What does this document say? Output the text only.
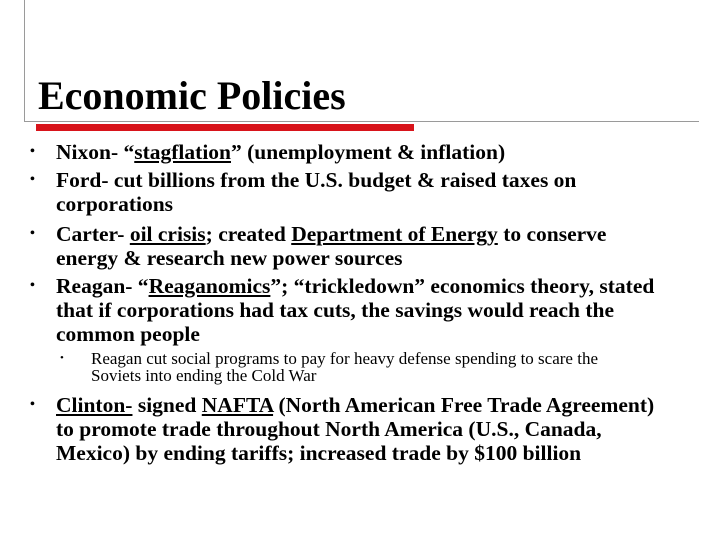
Economic Policies
• Nixon- “stagflation” (unemployment & inflation)
• Ford- cut billions from the U.S. budget & raised taxes on corporations
• Carter- oil crisis; created Department of Energy to conserve energy & research new power sources
• Reagan- “Reaganomics”; “trickledown” economics theory, stated that if corporations had tax cuts, the savings would reach the common people
• Reagan cut social programs to pay for heavy defense spending to scare the Soviets into ending the Cold War
• Clinton- signed NAFTA (North American Free Trade Agreement) to promote trade throughout North America (U.S., Canada, Mexico) by ending tariffs; increased trade by $100 billion
